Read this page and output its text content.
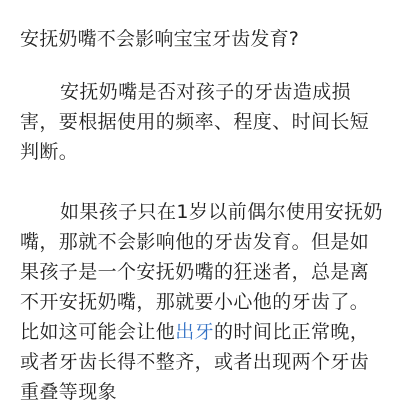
安抚奶嘴不会影响宝宝牙齿发育?

安抚奶嘴是否对孩子的牙齿造成损
害，要根据使用的频率、程度、时间长短
判断。

如果孩子只在1岁以前偶尔使用安抚奶
嘴，那就不会影响他的牙齿发育。但是如
果孩子是一个安抚奶嘴的狂迷者，总是离
不开安抚奶嘴，那就要小心他的牙齿了。
比如这可能会让他出牙的时间比正常晚，
或者牙齿长得不整齐，或者出现两个牙齿
重叠等现象
